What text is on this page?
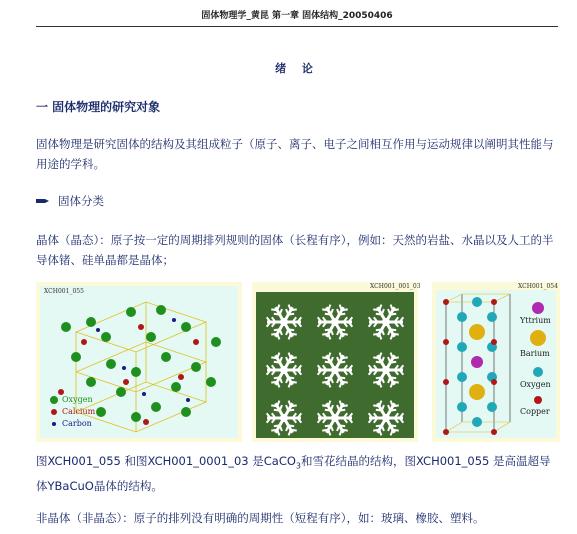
固体物理学_黄昆 第一章 固体结构_20050406
绪 论
一 固体物理的研究对象
固体物理是研究固体的结构及其组成粒子（原子、离子、电子之间相互作用与运动规律以阐明其性能与用途的学科。
固体分类
晶体（晶态）：原子按一定的周期排列规则的固体（长程有序），例如：天然的岩盐、水晶以及人工的半导体锗、硅单晶都是晶体；
XCH001_055
Oxygen
Calcium
Carbon
XCH001_001_03	XCH001_054
Yttrium
Barium
Oxygen
Copper
图XCH001_055 和图XCH001_0001_03 是CaCO$_3$和雪花结晶的结构，图XCH001_055 是高温超导体YBaCuO晶体的结构。
非晶体（非晶态）：原子的排列没有明确的周期性（短程有序），如：玻璃、橡胶、塑料。
